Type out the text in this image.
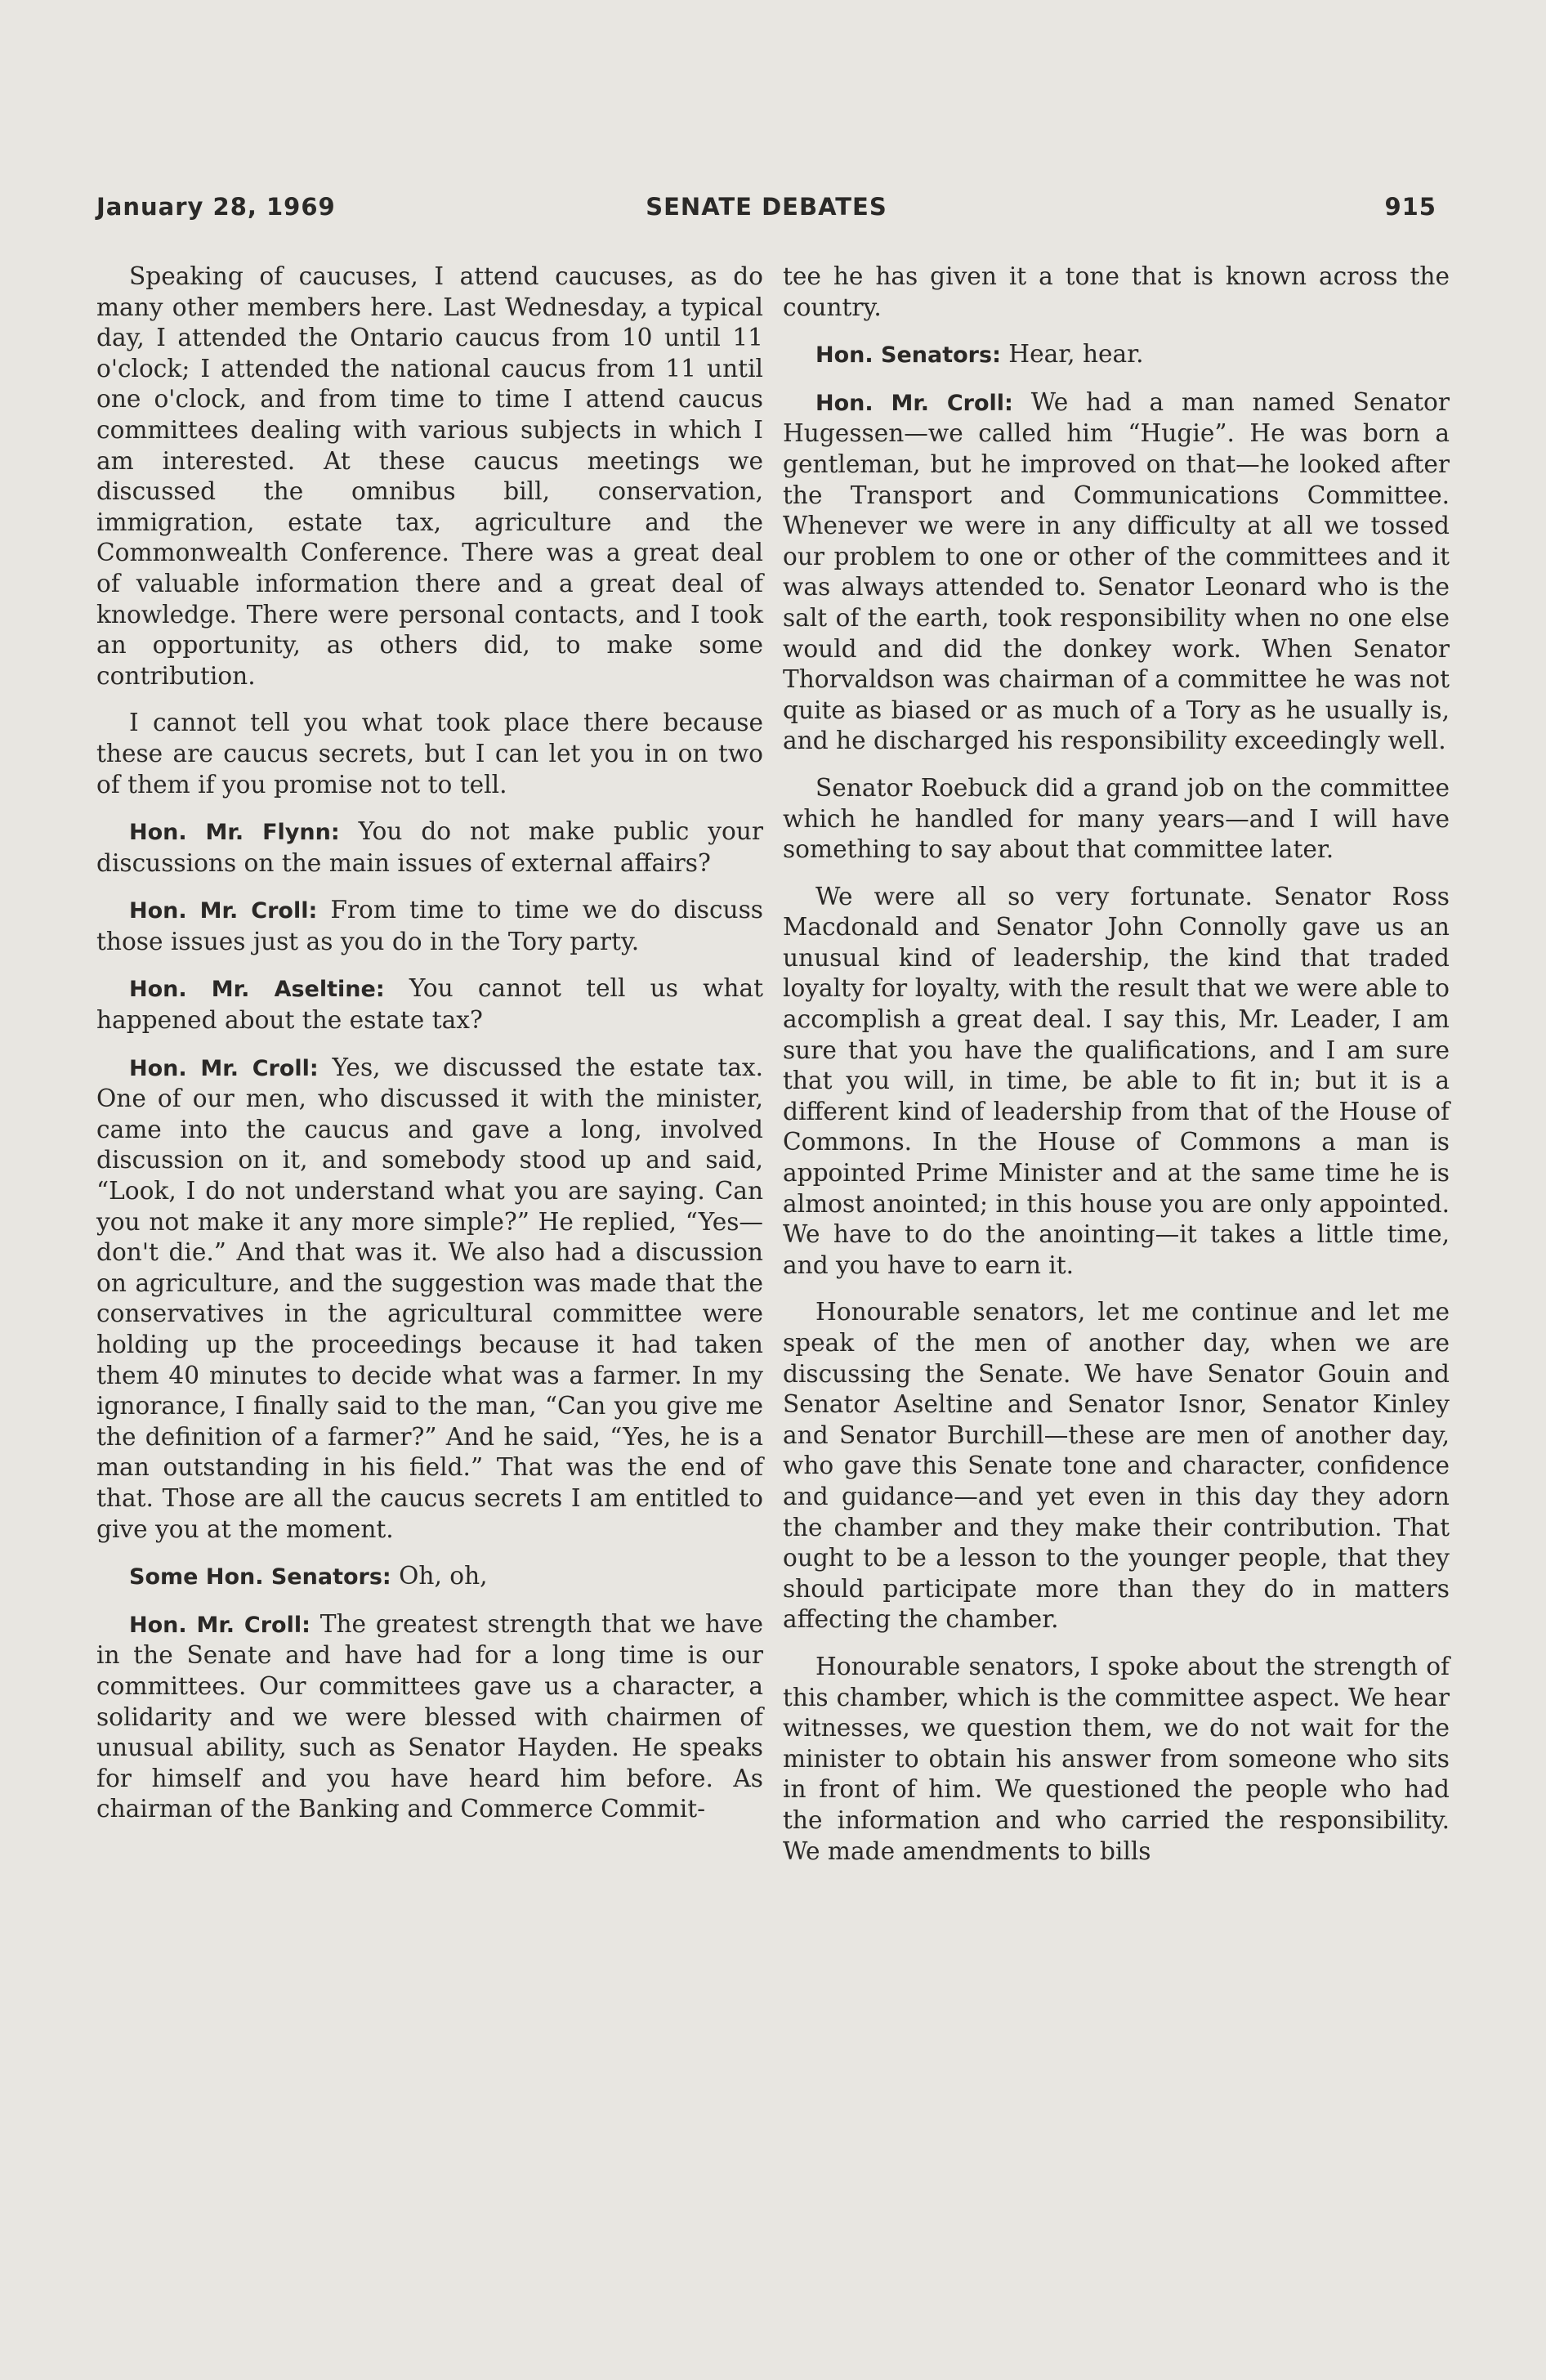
January 28, 1969	SENATE DEBATES	915

Speaking of caucuses, I attend caucuses, as do many other members here. Last Wednesday, a typical day, I attended the Ontario caucus from 10 until 11 o'clock; I attended the national caucus from 11 until one o'clock, and from time to time I attend caucus committees dealing with various subjects in which I am interested. At these caucus meetings we discussed the omnibus bill, conservation, immigration, estate tax, agriculture and the Commonwealth Conference. There was a great deal of valuable information there and a great deal of knowledge. There were personal contacts, and I took an opportunity, as others did, to make some contribution.

I cannot tell you what took place there because these are caucus secrets, but I can let you in on two of them if you promise not to tell.

Hon. Mr. Flynn: You do not make public your discussions on the main issues of external affairs?

Hon. Mr. Croll: From time to time we do discuss those issues just as you do in the Tory party.

Hon. Mr. Aseltine: You cannot tell us what happened about the estate tax?

Hon. Mr. Croll: Yes, we discussed the estate tax. One of our men, who discussed it with the minister, came into the caucus and gave a long, involved discussion on it, and somebody stood up and said, “Look, I do not understand what you are saying. Can you not make it any more simple?” He replied, “Yes—don't die.” And that was it. We also had a discussion on agriculture, and the suggestion was made that the conservatives in the agricultural committee were holding up the proceedings because it had taken them 40 minutes to decide what was a farmer. In my ignorance, I finally said to the man, “Can you give me the definition of a farmer?” And he said, “Yes, he is a man outstanding in his field.” That was the end of that. Those are all the caucus secrets I am entitled to give you at the moment.

Some Hon. Senators: Oh, oh,

Hon. Mr. Croll: The greatest strength that we have in the Senate and have had for a long time is our committees. Our committees gave us a character, a solidarity and we were blessed with chairmen of unusual ability, such as Senator Hayden. He speaks for himself and you have heard him before. As chairman of the Banking and Commerce Commit-

tee he has given it a tone that is known across the country.

Hon. Senators: Hear, hear.

Hon. Mr. Croll: We had a man named Senator Hugessen—we called him “Hugie”. He was born a gentleman, but he improved on that—he looked after the Transport and Communications Committee. Whenever we were in any difficulty at all we tossed our problem to one or other of the committees and it was always attended to. Senator Leonard who is the salt of the earth, took responsibility when no one else would and did the donkey work. When Senator Thorvaldson was chairman of a committee he was not quite as biased or as much of a Tory as he usually is, and he discharged his responsibility exceedingly well.

Senator Roebuck did a grand job on the committee which he handled for many years—and I will have something to say about that committee later.

We were all so very fortunate. Senator Ross Macdonald and Senator John Connolly gave us an unusual kind of leadership, the kind that traded loyalty for loyalty, with the result that we were able to accomplish a great deal. I say this, Mr. Leader, I am sure that you have the qualifications, and I am sure that you will, in time, be able to fit in; but it is a different kind of leadership from that of the House of Commons. In the House of Commons a man is appointed Prime Minister and at the same time he is almost anointed; in this house you are only appointed. We have to do the anointing—it takes a little time, and you have to earn it.

Honourable senators, let me continue and let me speak of the men of another day, when we are discussing the Senate. We have Senator Gouin and Senator Aseltine and Senator Isnor, Senator Kinley and Senator Burchill—these are men of another day, who gave this Senate tone and character, confidence and guidance—and yet even in this day they adorn the chamber and they make their contribution. That ought to be a lesson to the younger people, that they should participate more than they do in matters affecting the chamber.

Honourable senators, I spoke about the strength of this chamber, which is the committee aspect. We hear witnesses, we question them, we do not wait for the minister to obtain his answer from someone who sits in front of him. We questioned the people who had the information and who carried the responsibility. We made amendments to bills
